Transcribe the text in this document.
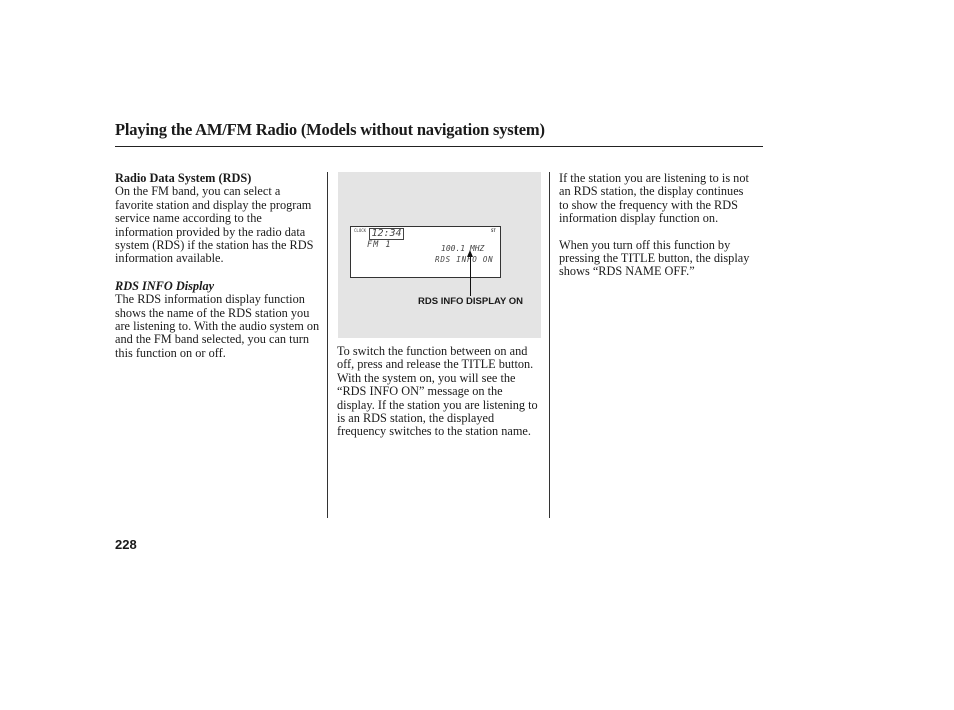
Playing the AM/FM Radio (Models without navigation system)

Radio Data System (RDS)

On the FM band, you can select a favorite station and display the program service name according to the information provided by the radio data system (RDS) if the station has the RDS information available.

RDS INFO Display

The RDS information display function shows the name of the RDS station you are listening to. With the audio system on and the FM band selected, you can turn this function on or off.

CLOCK 12:34
FM 1
ST
100.1 MHZ
RDS INFO ON
RDS INFO DISPLAY ON

To switch the function between on and off, press and release the TITLE button. With the system on, you will see the “RDS INFO ON” message on the display. If the station you are listening to is an RDS station, the displayed frequency switches to the station name.

If the station you are listening to is not an RDS station, the display continues to show the frequency with the RDS information display function on.

When you turn off this function by pressing the TITLE button, the display shows “RDS NAME OFF.”

228
